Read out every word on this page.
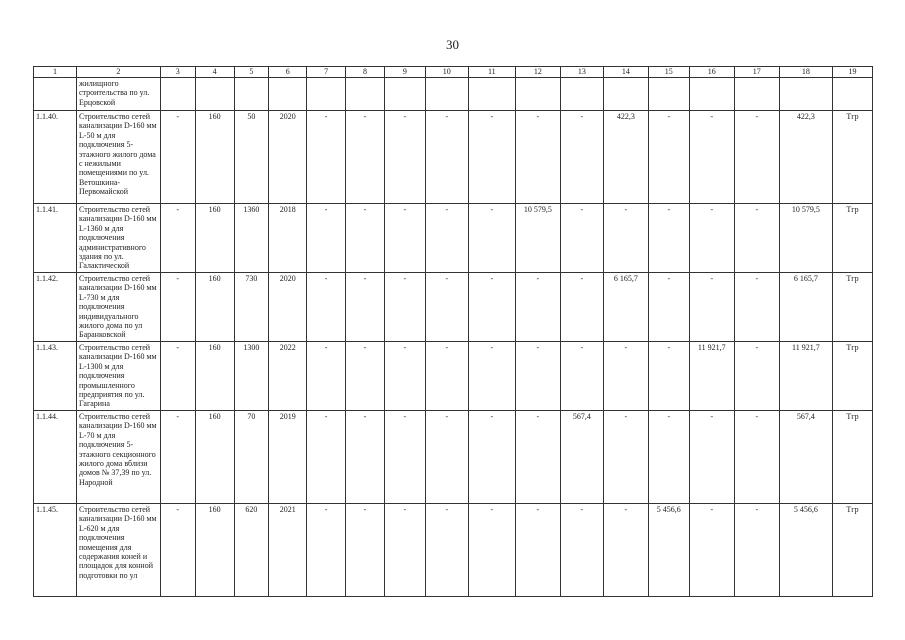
30
1	2	3	4	5	6	7	8	9	10	11	12	13	14	15	16	17	18	19
	жилищного строительства по ул. Ерцовской																	
1.1.40.	Строительство сетей канализации D-160 мм L-50 м для подключения 5-этажного жилого дома с нежилыми помещениями по ул. Ветошкина-Первомайской	-	160	50	2020	-	-	-	-	-	-	-	422,3	-	-	-	422,3	Тгр
1.1.41.	Строительство сетей канализации D-160 мм L-1360 м для подключения административного здания по ул. Галактической	-	160	1360	2018	-	-	-	-	-	10 579,5	-	-	-	-	-	10 579,5	Тгр
1.1.42.	Строительство сетей канализации D-160 мм L-730 м для подключения индивидуального жилого дома по ул Баранковской	-	160	730	2020	-	-	-	-	-	-	-	6 165,7	-	-	-	6 165,7	Тгр
1.1.43.	Строительство сетей канализации D-160 мм L-1300 м для подключения промышленного предприятия по ул. Гагарина	-	160	1300	2022	-	-	-	-	-	-	-	-	-	11 921,7	-	11 921,7	Тгр
1.1.44.	Строительство сетей канализации D-160 мм L-70 м для подключения 5-этажного секционного жилого дома вблизи домов № 37,39 по ул. Народной	-	160	70	2019	-	-	-	-	-	-	567,4	-	-	-	-	567,4	Тгр
1.1.45.	Строительство сетей канализации D-160 мм L-620 м для подключения помещения для содержания коней и площадок для конной подготовки по ул	-	160	620	2021	-	-	-	-	-	-	-	-	5 456,6	-	-	5 456,6	Тгр
